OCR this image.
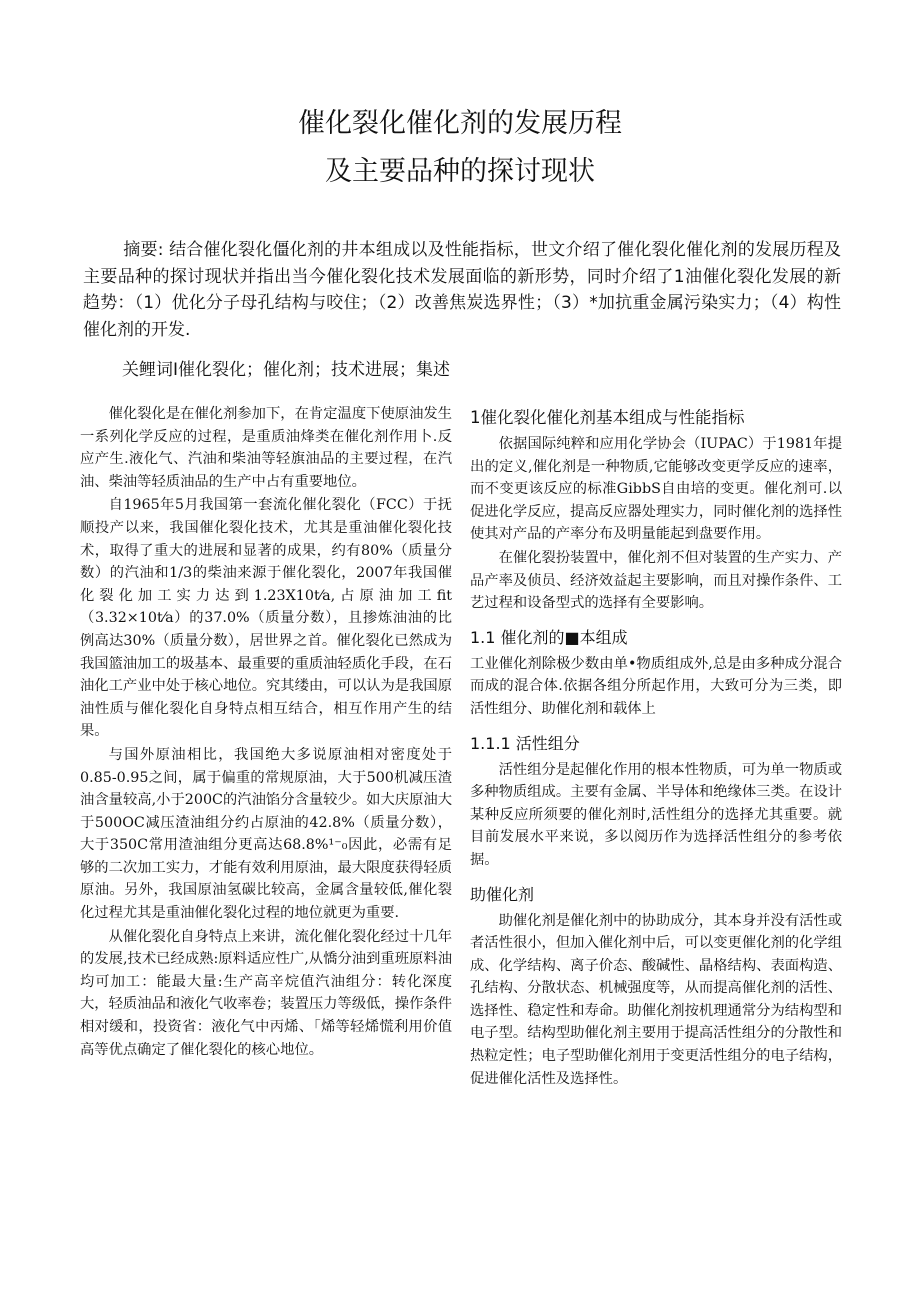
催化裂化催化剂的发展历程
及主要品种的探讨现状
摘要: 结合催化裂化僵化剂的井本组成以及性能指标，世文介绍了催化裂化催化剂的发展历程及主要品种的探讨现状并指出当今催化裂化技术发展面临的新形势，同时介绍了1油催化裂化发展的新趋势：（1）优化分子母孔结构与咬住；（2）改善焦炭选界性；（3）*加抗重金属污染实力；（4）构性催化剂的开发.
关鲤词I催化裂化；催化剂；技术进展；集述

催化裂化是在催化剂参加下，在肯定温度下使原油发生一系列化学反应的过程，是重质油烽类在催化剂作用卜.反应产生.液化气、汽油和柴油等轻旗油品的主要过程，在汽油、柴油等轻质油品的生产中占有重要地位。

自1965年5月我国第一套流化催化裂化（FCC）于抚顺投产以来，我国催化裂化技术，尤其是重油催化裂化技术，取得了重大的进展和显著的成果，约有80%（质量分数）的汽油和1/3的柴油来源于催化裂化，2007年我国催化裂化加工实力达到1.23X10t⁄a,占原油加工fit（3.32×10t⁄a）的37.0%（质量分数），且掺炼油油的比例高达30%（质量分数），居世界之首。催化裂化已然成为我国篮油加工的圾基本、最重要的重质油轻质化手段，在石油化工产业中处于核心地位。究其缕由，可以认为是我国原油性质与催化裂化自身特点相互结合，相互作用产生的结果。

与国外原油相比，我国绝大多说原油相对密度处于0.85-0.95之间，属于偏重的常规原油，大于500机减压渣油含量较高,小于200C的汽油馅分含量较少。如大庆原油大于500OC减压渣油组分约占原油的42.8%（质量分数），大于350C常用渣油组分更高达68.8%¹⁻₀因此，必需有足够的二次加工实力，才能有效利用原油，最大限度获得轻质原油。另外，我国原油氢碳比较高，金属含量较低,催化裂化过程尤其是重油催化裂化过程的地位就更为重要.

从催化裂化自身特点上来讲，流化催化裂化经过十几年的发展,技术已经成熟:原料适应性广,从憍分油到重班原料油均可加工：能最大量:生产高辛烷值汽油组分：转化深度大，轻质油品和液化气收率卷；装置压力等级低，操作条件相对缓和，投资省：液化气中丙烯、「烯等轻烯慌利用价值高等优点确定了催化裂化的核心地位。

1催化裂化催化剂基本组成与性能指标

依据国际纯粹和应用化学协会（IUPAC）于1981年提出的定义,催化剂是一种物质,它能够改变更学反应的速率，而不变更该反应的标准GibbS自由培的变更。催化剂可.以促进化学反应，提高反应器处理实力，同时催化剂的选择性使其对产品的产率分布及明量能起到盘要作用。

在催化裂扮装置中，催化剂不但对装置的生产实力、产品产率及侦员、经济效益起主要影响，而且对操作条件、工艺过程和设备型式的选择有全要影响。

1.1 催化剂的■本组成

工业催化剂除极少数由单•物质组成外,总是由多种成分混合而成的混合体.依据各组分所起作用，大致可分为三类，即活性组分、助催化剂和载体上

1.1.1 活性组分

活性组分是起催化作用的根本性物质，可为单一物质或多种物质组成。主要有金属、半导体和绝缘体三类。在设计某种反应所须要的催化剂时,活性组分的选择尤其重要。就目前发展水平来说，多以阅历作为选择活性组分的参考依据。

助催化剂

助催化剂是催化剂中的协助成分，其本身并没有活性或者活性很小，但加入催化剂中后，可以变更催化剂的化学组成、化学结构、离子价态、酸碱性、晶格结构、表面构造、孔结构、分散状态、机械强度等，从而提高催化剂的活性、选择性、稳定性和寿命。助催化剂按机理通常分为结构型和电子型。结构型助催化剂主要用于提高活性组分的分散性和热粒定性；电子型助催化剂用于变更活性组分的电子结构，促进催化活性及选择性。
